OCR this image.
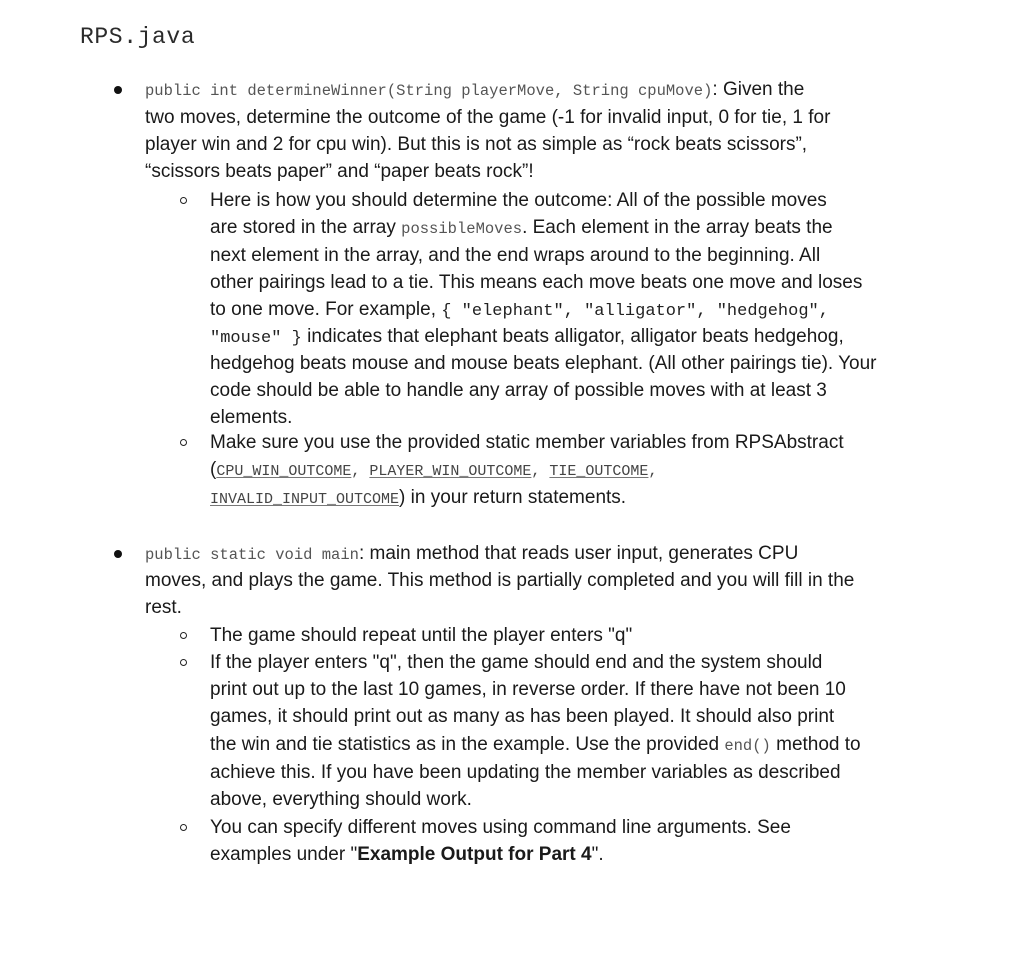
RPS.java
public int determineWinner(String playerMove, String cpuMove): Given the
two moves, determine the outcome of the game (-1 for invalid input, 0 for tie, 1 for
player win and 2 for cpu win). But this is not as simple as “rock beats scissors”,
“scissors beats paper” and “paper beats rock”!
Here is how you should determine the outcome: All of the possible moves
are stored in the array possibleMoves. Each element in the array beats the
next element in the array, and the end wraps around to the beginning. All
other pairings lead to a tie. This means each move beats one move and loses
to one move. For example, { "elephant", "alligator", "hedgehog",
"mouse" } indicates that elephant beats alligator, alligator beats hedgehog,
hedgehog beats mouse and mouse beats elephant. (All other pairings tie). Your
code should be able to handle any array of possible moves with at least 3
elements.
Make sure you use the provided static member variables from RPSAbstract
(CPU_WIN_OUTCOME, PLAYER_WIN_OUTCOME, TIE_OUTCOME,
INVALID_INPUT_OUTCOME) in your return statements.
public static void main: main method that reads user input, generates CPU
moves, and plays the game. This method is partially completed and you will fill in the
rest.
The game should repeat until the player enters "q"
If the player enters "q", then the game should end and the system should
print out up to the last 10 games, in reverse order. If there have not been 10
games, it should print out as many as has been played. It should also print
the win and tie statistics as in the example. Use the provided end() method to
achieve this. If you have been updating the member variables as described
above, everything should work.
You can specify different moves using command line arguments. See
examples under "Example Output for Part 4".
